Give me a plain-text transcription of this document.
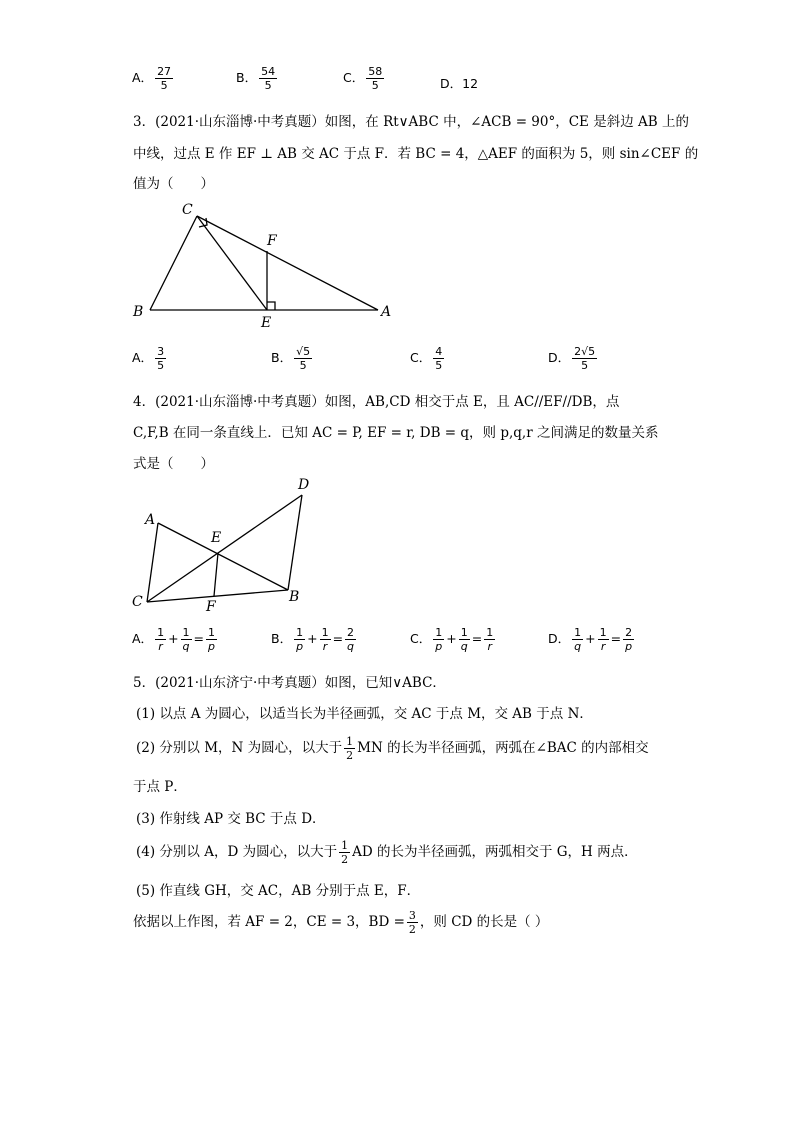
A． $\frac{27}{5}$	B． $\frac{54}{5}$	C． $\frac{58}{5}$	D．12
3．(2021·山东淄博·中考真题）如图，在 Rt∨ABC 中，∠ACB = 90°，CE 是斜边 AB 上的
中线，过点 E 作 EF ⊥ AB 交 AC 于点 F．若 BC = 4，△AEF 的面积为 5，则 sin∠CEF 的
值为（　　）
C
F
B
E
A
A． $\frac{3}{5}$	B． $\frac{√5}{5}$	C． $\frac{4}{5}$	D． $\frac{2√5}{5}$
4．(2021·山东淄博·中考真题）如图，AB,CD 相交于点 E，且 AC//EF//DB，点
C,F,B 在同一条直线上．已知 AC = P, EF = r, DB = q，则 p,q,r 之间满足的数量关系
式是（　　）
A
D
E
C	F
B
A． $\frac{1}{r} + \frac{1}{q} = \frac{1}{p}$	B． $\frac{1}{p} + \frac{1}{r} = \frac{2}{q}$	C． $\frac{1}{p} + \frac{1}{q} = \frac{1}{r}$	D． $\frac{1}{q} + \frac{1}{r} = \frac{2}{p}$
5．(2021·山东济宁·中考真题）如图，已知∨ABC．
(1) 以点 A 为圆心，以适当长为半径画弧，交 AC 于点 M，交 AB 于点 N．
(2) 分别以 M，N 为圆心，以大于 $\frac{1}{2}$ MN 的长为半径画弧，两弧在∠BAC 的内部相交
于点 P．
(3) 作射线 AP 交 BC 于点 D．
(4) 分别以 A，D 为圆心，以大于 $\frac{1}{2}$ AD 的长为半径画弧，两弧相交于 G，H 两点．
(5) 作直线 GH，交 AC，AB 分别于点 E，F．
依据以上作图，若 AF = 2，CE = 3，BD = $\frac{3}{2}$ ，则 CD 的长是（ ）
